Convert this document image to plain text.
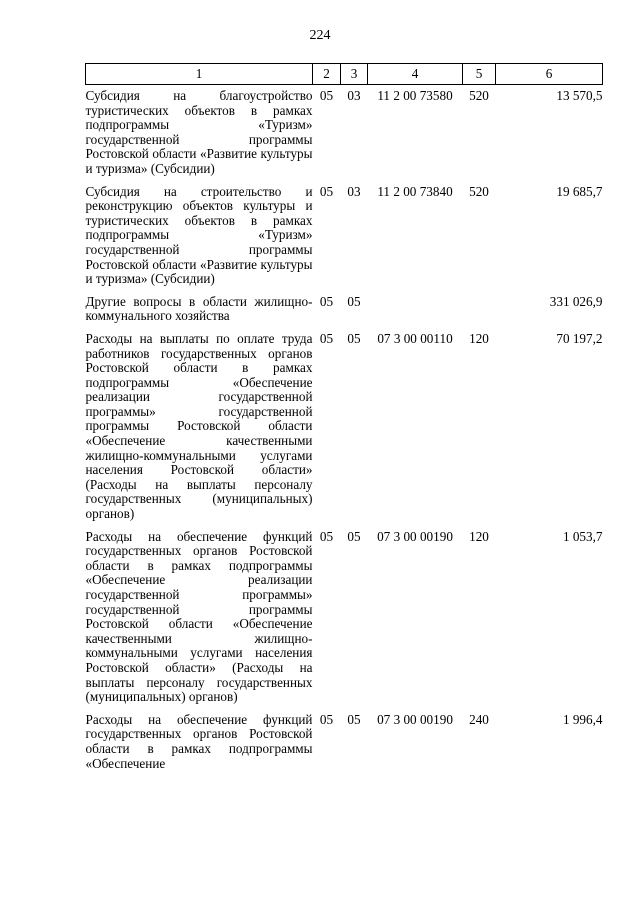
224
1	2	3	4	5	6
Субсидия на благоустройство туристических объектов в рамках подпрограммы «Туризм» государственной программы Ростовской области «Развитие культуры и туризма» (Субсидии)	05	03	11 2 00 73580	520	13 570,5
Субсидия на строительство и реконструкцию объектов культуры и туристических объектов в рамках подпрограммы «Туризм» государственной программы Ростовской области «Развитие культуры и туризма» (Субсидии)	05	03	11 2 00 73840	520	19 685,7
Другие вопросы в области жилищно-коммунального хозяйства	05	05			331 026,9
Расходы на выплаты по оплате труда работников государственных органов Ростовской области в рамках подпрограммы «Обеспечение реализации государственной программы» государственной программы Ростовской области «Обеспечение качественными жилищно-коммунальными услугами населения Ростовской области» (Расходы на выплаты персоналу государственных (муниципальных) органов)	05	05	07 3 00 00110	120	70 197,2
Расходы на обеспечение функций государственных органов Ростовской области в рамках подпрограммы «Обеспечение реализации государственной программы» государственной программы Ростовской области «Обеспечение качественными жилищно-коммунальными услугами населения Ростовской области» (Расходы на выплаты персоналу государственных (муниципальных) органов)	05	05	07 3 00 00190	120	1 053,7
Расходы на обеспечение функций государственных органов Ростовской области в рамках подпрограммы «Обеспечение	05	05	07 3 00 00190	240	1 996,4
